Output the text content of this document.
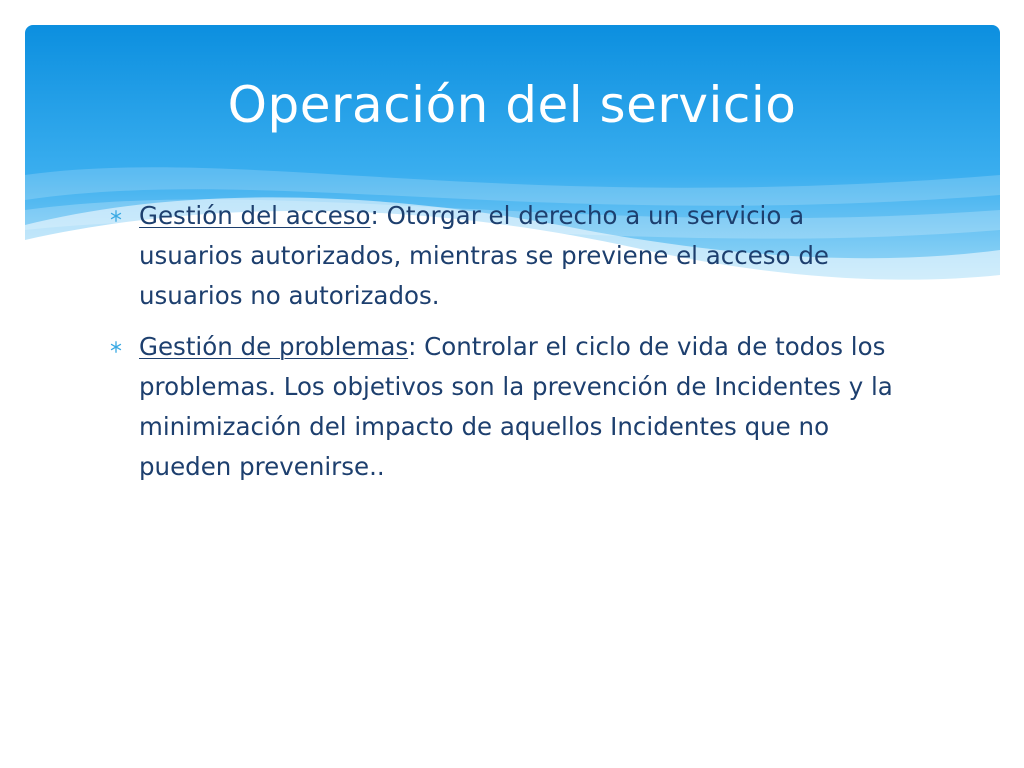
Operación del servicio
Gestión del acceso: Otorgar el derecho a un servicio a usuarios autorizados, mientras se previene el acceso de usuarios no autorizados.
Gestión de problemas: Controlar el ciclo de vida de todos los problemas. Los objetivos son la prevención de Incidentes y la minimización del impacto de aquellos Incidentes que no pueden prevenirse..
